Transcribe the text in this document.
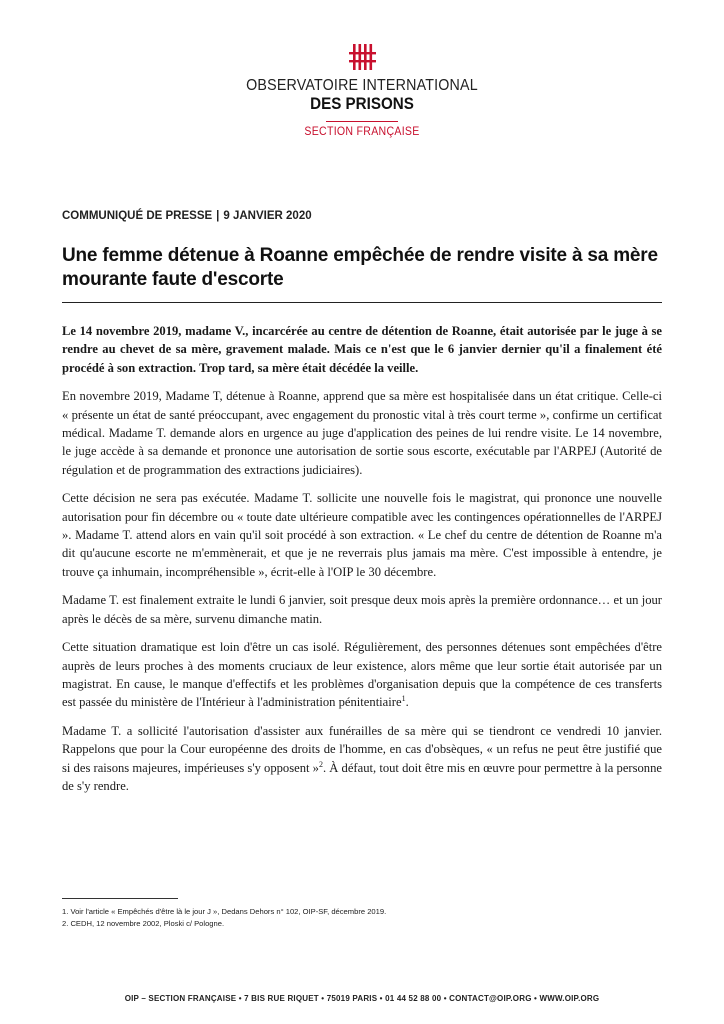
OBSERVATOIRE INTERNATIONAL
DES PRISONS
SECTION FRANÇAISE
COMMUNIQUÉ DE PRESSE | 9 JANVIER 2020
Une femme détenue à Roanne empêchée de rendre visite à sa mère mourante faute d'escorte

Le 14 novembre 2019, madame V., incarcérée au centre de détention de Roanne, était autorisée par le juge à se rendre au chevet de sa mère, gravement malade. Mais ce n'est que le 6 janvier dernier qu'il a finalement été procédé à son extraction. Trop tard, sa mère était décédée la veille.

En novembre 2019, Madame T, détenue à Roanne, apprend que sa mère est hospitalisée dans un état critique. Celle-ci « présente un état de santé préoccupant, avec engagement du pronostic vital à très court terme », confirme un certificat médical. Madame T. demande alors en urgence au juge d'application des peines de lui rendre visite. Le 14 novembre, le juge accède à sa demande et prononce une autorisation de sortie sous escorte, exécutable par l'ARPEJ (Autorité de régulation et de programmation des extractions judiciaires).

Cette décision ne sera pas exécutée. Madame T. sollicite une nouvelle fois le magistrat, qui prononce une nouvelle autorisation pour fin décembre ou « toute date ultérieure compatible avec les contingences opérationnelles de l'ARPEJ ». Madame T. attend alors en vain qu'il soit procédé à son extraction. « Le chef du centre de détention de Roanne m'a dit qu'aucune escorte ne m'emmènerait, et que je ne reverrais plus jamais ma mère. C'est impossible à entendre, je trouve ça inhumain, incompréhensible », écrit-elle à l'OIP le 30 décembre.

Madame T. est finalement extraite le lundi 6 janvier, soit presque deux mois après la première ordonnance… et un jour après le décès de sa mère, survenu dimanche matin.

Cette situation dramatique est loin d'être un cas isolé. Régulièrement, des personnes détenues sont empêchées d'être auprès de leurs proches à des moments cruciaux de leur existence, alors même que leur sortie était autorisée par un magistrat. En cause, le manque d'effectifs et les problèmes d'organisation depuis que la compétence de ces transferts est passée du ministère de l'Intérieur à l'administration pénitentiaire$^1$.

Madame T. a sollicité l'autorisation d'assister aux funérailles de sa mère qui se tiendront ce vendredi 10 janvier. Rappelons que pour la Cour européenne des droits de l'homme, en cas d'obsèques, « un refus ne peut être justifié que si des raisons majeures, impérieuses s'y opposent »$^2$. À défaut, tout doit être mis en œuvre pour permettre à la personne de s'y rendre.

1. Voir l'article « Empêchés d'être là le jour J », Dedans Dehors n° 102, OIP-SF, décembre 2019.
2. CEDH, 12 novembre 2002, Ploski c/ Pologne.
OIP – SECTION FRANÇAISE • 7 BIS RUE RIQUET • 75019 PARIS • 01 44 52 88 00 • CONTACT@OIP.ORG • WWW.OIP.ORG
